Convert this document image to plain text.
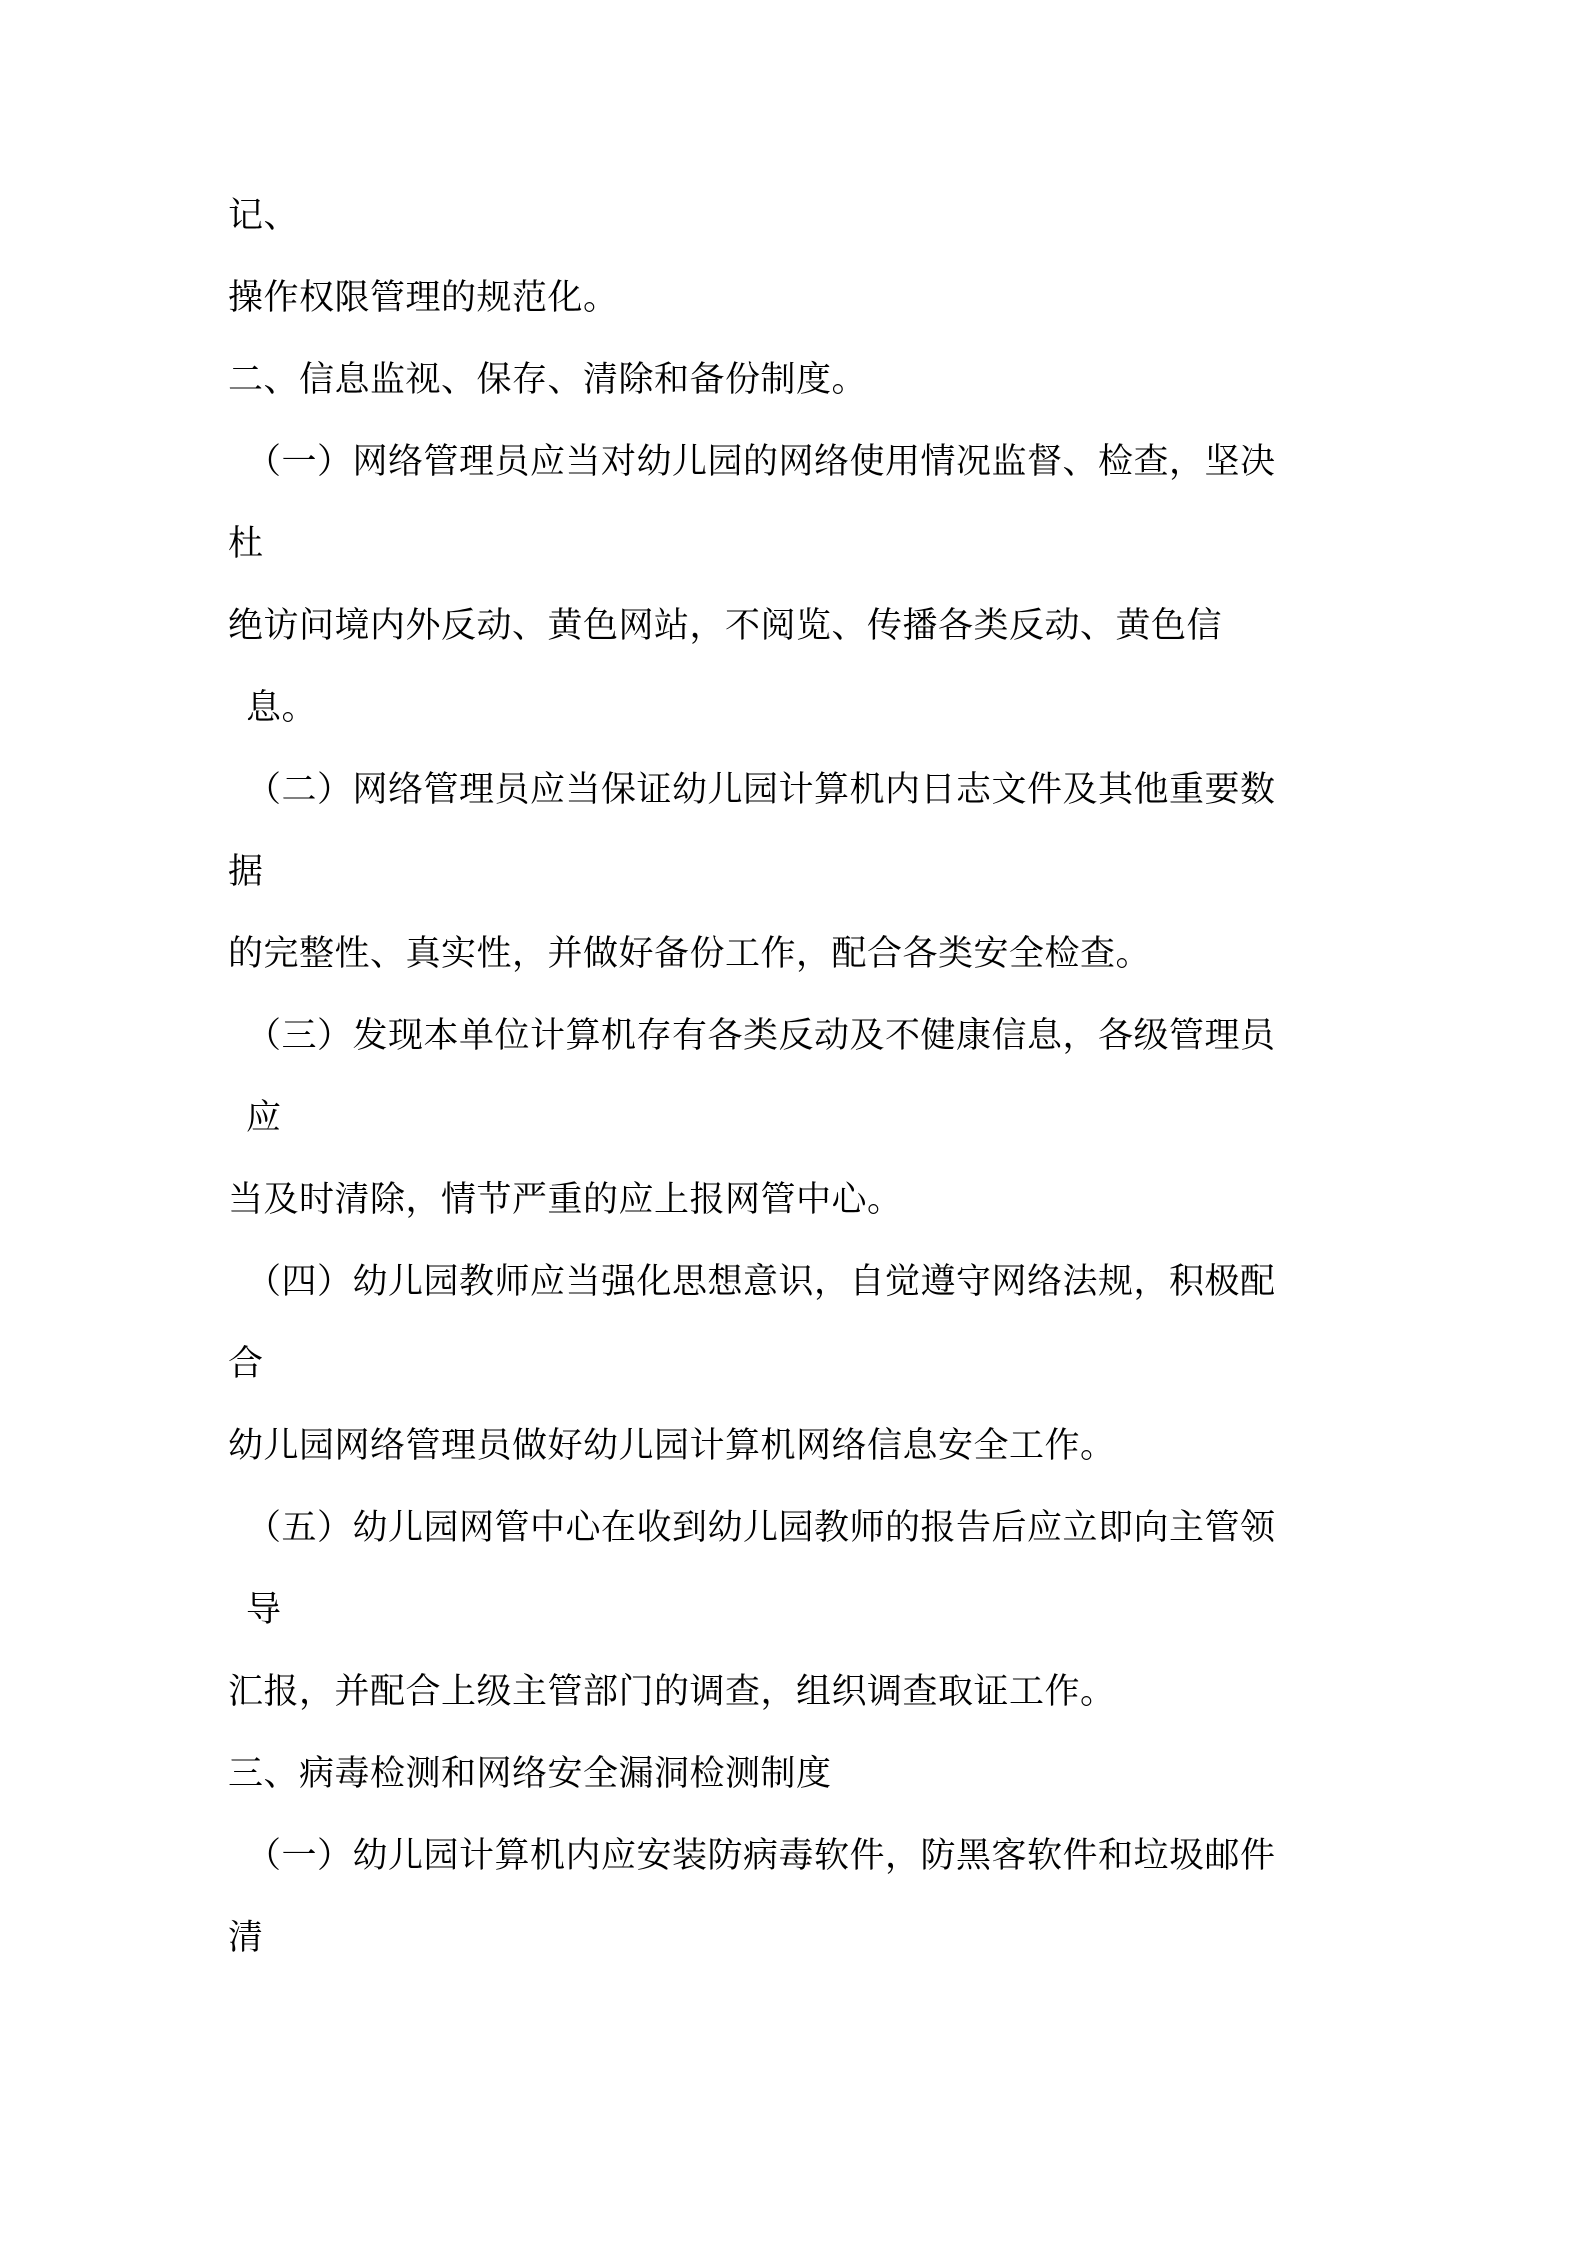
记、
操作权限管理的规范化。
二、信息监视、保存、清除和备份制度。
（一）网络管理员应当对幼儿园的网络使用情况监督、检查，坚决
杜
绝访问境内外反动、黄色网站，不阅览、传播各类反动、黄色信
息。
（二）网络管理员应当保证幼儿园计算机内日志文件及其他重要数
据
的完整性、真实性，并做好备份工作，配合各类安全检查。
（三）发现本单位计算机存有各类反动及不健康信息，各级管理员
应
当及时清除，情节严重的应上报网管中心。
（四）幼儿园教师应当强化思想意识，自觉遵守网络法规，积极配
合
幼儿园网络管理员做好幼儿园计算机网络信息安全工作。
（五）幼儿园网管中心在收到幼儿园教师的报告后应立即向主管领
导
汇报，并配合上级主管部门的调查，组织调查取证工作。
三、病毒检测和网络安全漏洞检测制度
（一）幼儿园计算机内应安装防病毒软件，防黑客软件和垃圾邮件
清
